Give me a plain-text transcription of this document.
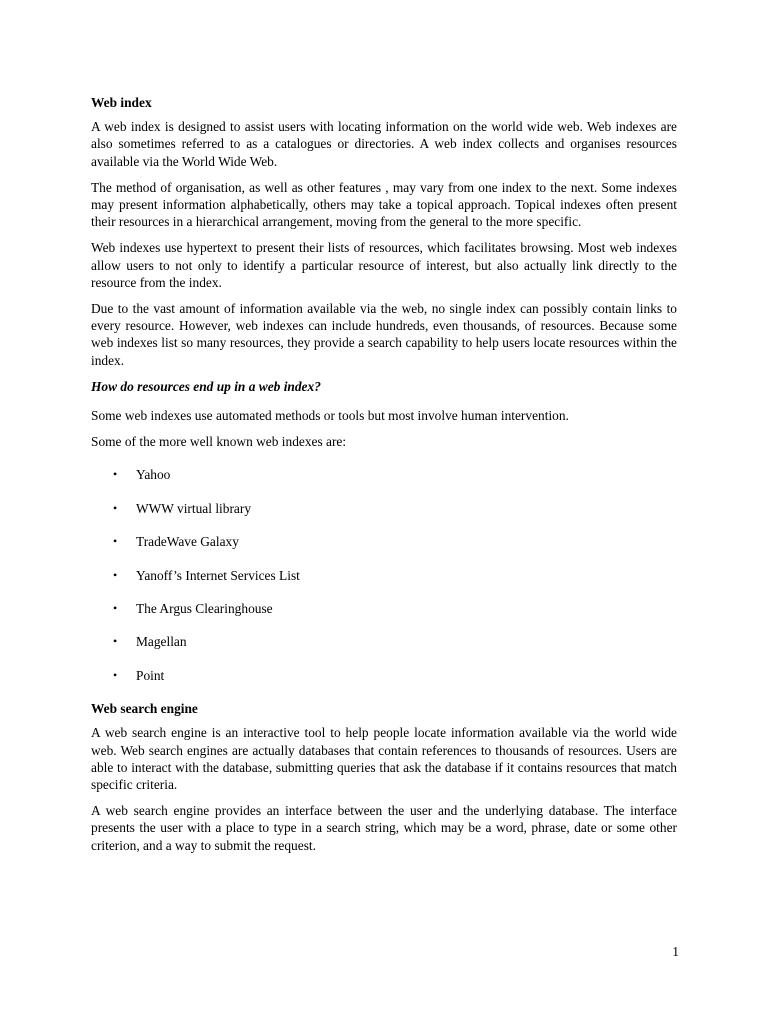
Web index

A web index is designed to assist users with locating information on the world wide web. Web indexes are also sometimes referred to as a catalogues or directories. A web index collects and organises resources available via the World Wide Web.

The method of organisation, as well as other features , may vary from one index to the next. Some indexes may present information alphabetically, others may take a topical approach. Topical indexes often present their resources in a hierarchical arrangement, moving from the general to the more specific.

Web indexes use hypertext to present their lists of resources, which facilitates browsing. Most web indexes allow users to not only to identify a particular resource of interest, but also actually link directly to the resource from the index.

Due to the vast amount of information available via the web, no single index can possibly contain links to every resource. However, web indexes can include hundreds, even thousands, of resources. Because some web indexes list so many resources, they provide a search capability to help users locate resources within the index.

How do resources end up in a web index?

Some web indexes use automated methods or tools but most involve human intervention.

Some of the more well known web indexes are:

• Yahoo
• WWW virtual library
• TradeWave Galaxy
• Yanoff’s Internet Services List
• The Argus Clearinghouse
• Magellan
• Point
Web search engine

A web search engine is an interactive tool to help people locate information available via the world wide web. Web search engines are actually databases that contain references to thousands of resources. Users are able to interact with the database, submitting queries that ask the database if it contains resources that match specific criteria.

A web search engine provides an interface between the user and the underlying database. The interface presents the user with a place to type in a search string, which may be a word, phrase, date or some other criterion, and a way to submit the request.

1
